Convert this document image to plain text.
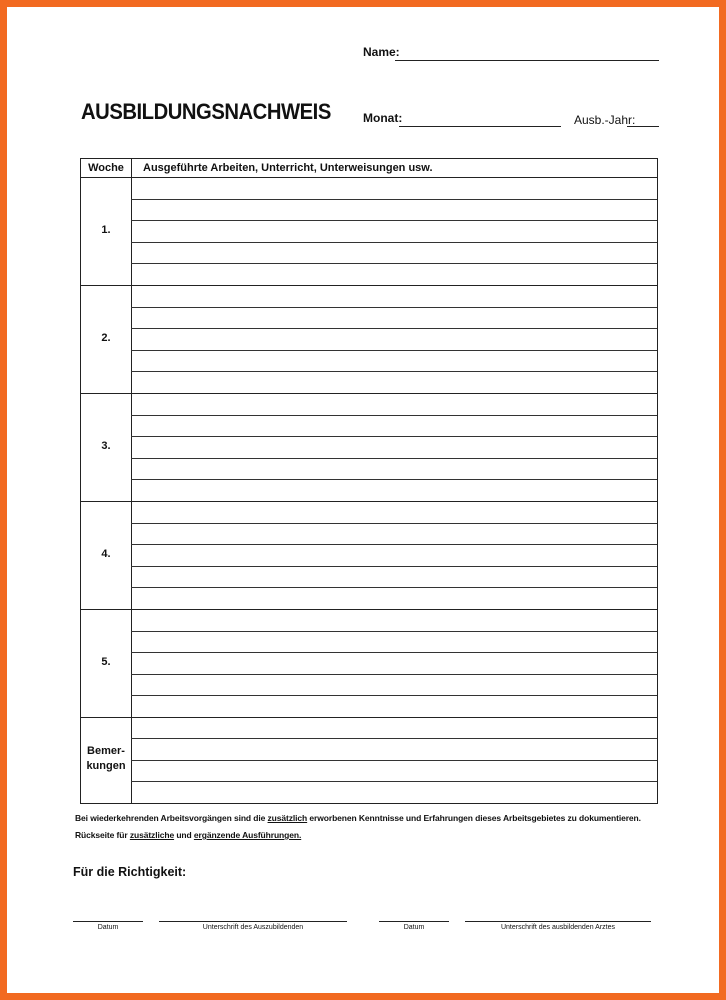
Name:
AUSBILDUNGSNACHWEIS	Monat:	Ausb.-Jahr:
Woche	Ausgeführte Arbeiten, Unterricht, Unterweisungen usw.
1.
2.
3.
4.
5.
Bemer-
kungen
Bei wiederkehrenden Arbeitsvorgängen sind die zusätzlich erworbenen Kenntnisse und Erfahrungen dieses Arbeitsgebietes zu dokumentieren.
Rückseite für zusätzliche und ergänzende Ausführungen.
Für die Richtigkeit:
Datum	Unterschrift des Auszubildenden	Datum	Unterschrift des ausbildenden Arztes
